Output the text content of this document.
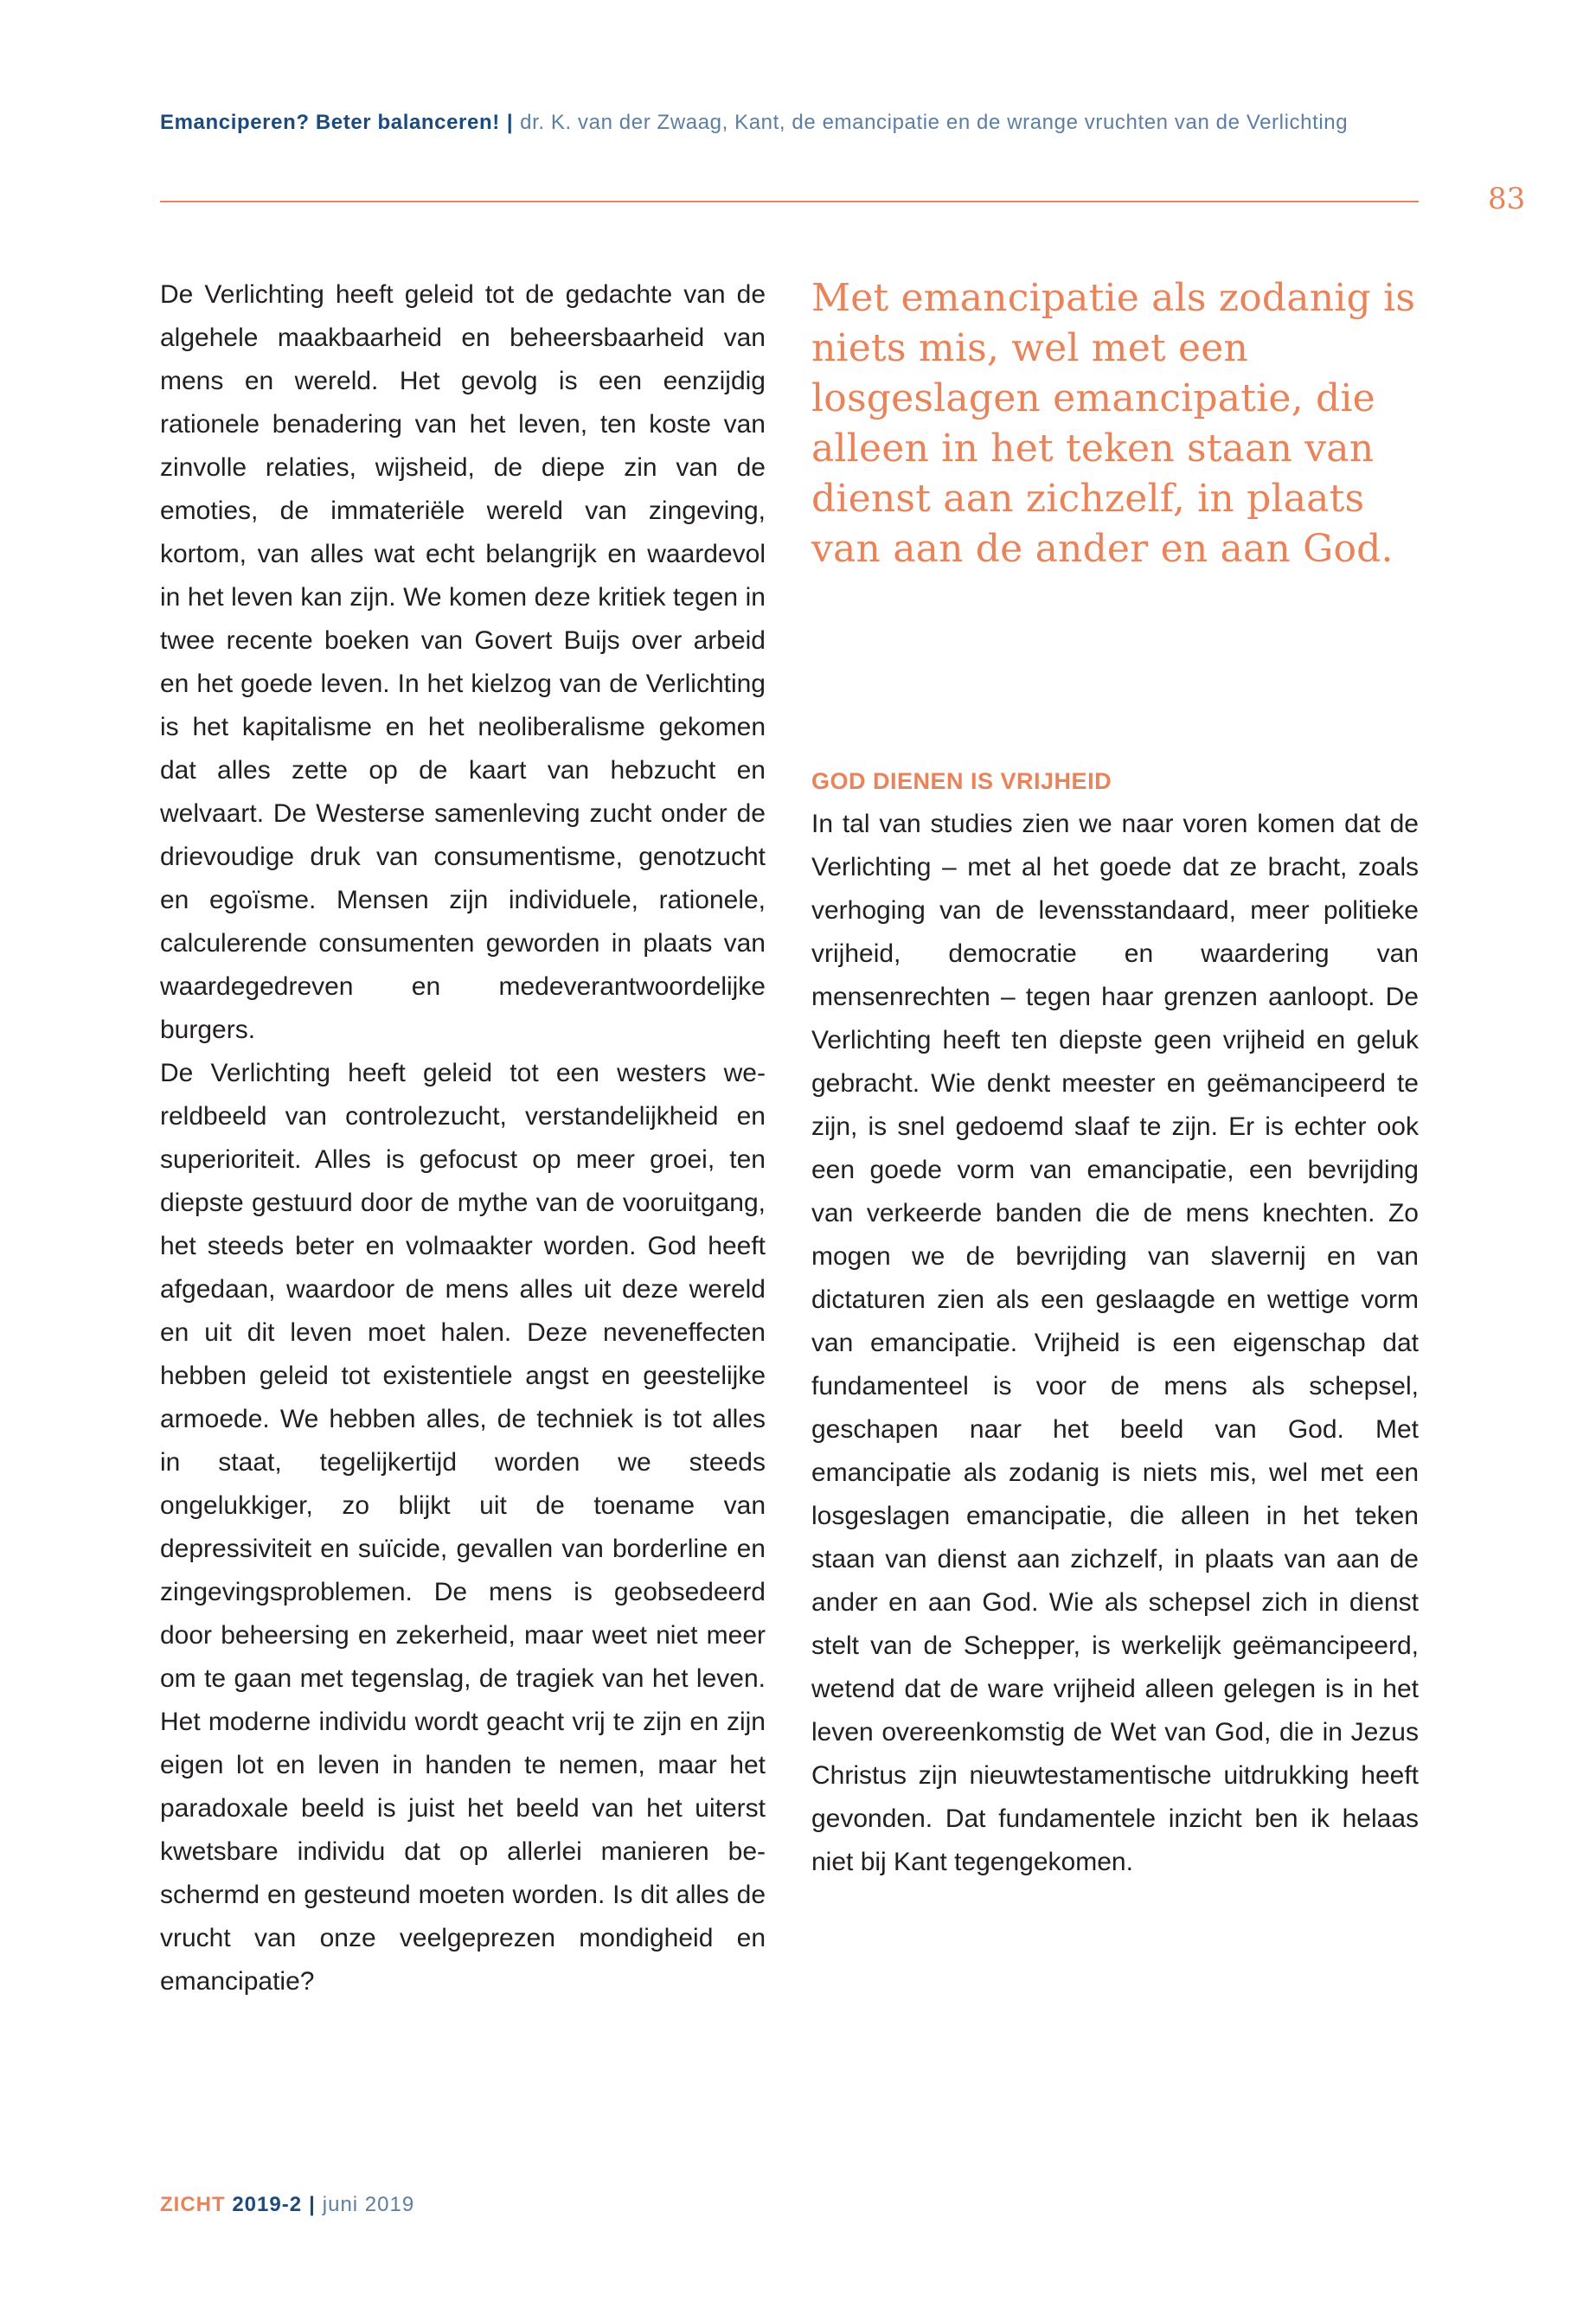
Emanciperen? Beter balanceren! | dr. K. van der Zwaag, Kant, de emancipatie en de wrange vruchten van de Verlichting
83

De Verlichting heeft geleid tot de gedachte van de algehele maakbaarheid en beheersbaarheid van mens en wereld. Het gevolg is een eenzijdig rationele benadering van het leven, ten koste van zinvolle relaties, wijsheid, de diepe zin van de emoties, de immateriële wereld van zingeving, kortom, van alles wat echt belangrijk en waardevol in het leven kan zijn. We komen deze kritiek tegen in twee recente boeken van Govert Buijs over arbeid en het goede leven. In het kielzog van de Verlichting is het kapitalisme en het neoliberalisme gekomen dat alles zette op de kaart van hebzucht en welvaart. De Westerse samenleving zucht onder de drievoudige druk van consumentisme, genotzucht en egoïsme. Mensen zijn individuele, rationele, calculerende consumenten geworden in plaats van waardegedreven en medeverantwoordelijke burgers.

De Verlichting heeft geleid tot een westers wereldbeeld van controlezucht, verstandelijkheid en superioriteit. Alles is gefocust op meer groei, ten diepste gestuurd door de mythe van de vooruitgang, het steeds beter en volmaakter worden. God heeft afgedaan, waardoor de mens alles uit deze wereld en uit dit leven moet halen. Deze neveneffecten hebben geleid tot existentiele angst en geestelijke armoede. We hebben alles, de techniek is tot alles in staat, tegelijkertijd worden we steeds ongelukkiger, zo blijkt uit de toename van depressiviteit en suïcide, gevallen van borderline en zingevingsproblemen. De mens is geobsedeerd door beheersing en zekerheid, maar weet niet meer om te gaan met tegenslag, de tragiek van het leven. Het moderne individu wordt geacht vrij te zijn en zijn eigen lot en leven in handen te nemen, maar het paradoxale beeld is juist het beeld van het uiterst kwetsbare individu dat op allerlei manieren beschermd en gesteund moeten worden. Is dit alles de vrucht van onze veelgeprezen mondigheid en emancipatie?

Met emancipatie als zodanig is niets mis, wel met een losgeslagen emancipatie, die alleen in het teken staan van dienst aan zichzelf, in plaats van aan de ander en aan God.
GOD DIENEN IS VRIJHEID

In tal van studies zien we naar voren komen dat de Verlichting – met al het goede dat ze bracht, zoals verhoging van de levensstandaard, meer politieke vrijheid, democratie en waardering van mensenrechten – tegen haar grenzen aanloopt. De Verlichting heeft ten diepste geen vrijheid en geluk gebracht. Wie denkt meester en geëmancipeerd te zijn, is snel gedoemd slaaf te zijn. Er is echter ook een goede vorm van emancipatie, een bevrijding van verkeerde banden die de mens knechten. Zo mogen we de bevrijding van slavernij en van dictaturen zien als een geslaagde en wettige vorm van emancipatie. Vrijheid is een eigenschap dat fundamenteel is voor de mens als schepsel, geschapen naar het beeld van God. Met emancipatie als zodanig is niets mis, wel met een losgeslagen emancipatie, die alleen in het teken staan van dienst aan zichzelf, in plaats van aan de ander en aan God. Wie als schepsel zich in dienst stelt van de Schepper, is werkelijk geëmancipeerd, wetend dat de ware vrijheid alleen gelegen is in het leven overeenkomstig de Wet van God, die in Jezus Christus zijn nieuwtestamentische uitdrukking heeft gevonden. Dat fundamentele inzicht ben ik helaas niet bij Kant tegengekomen.

ZICHT 2019-2 | juni 2019
